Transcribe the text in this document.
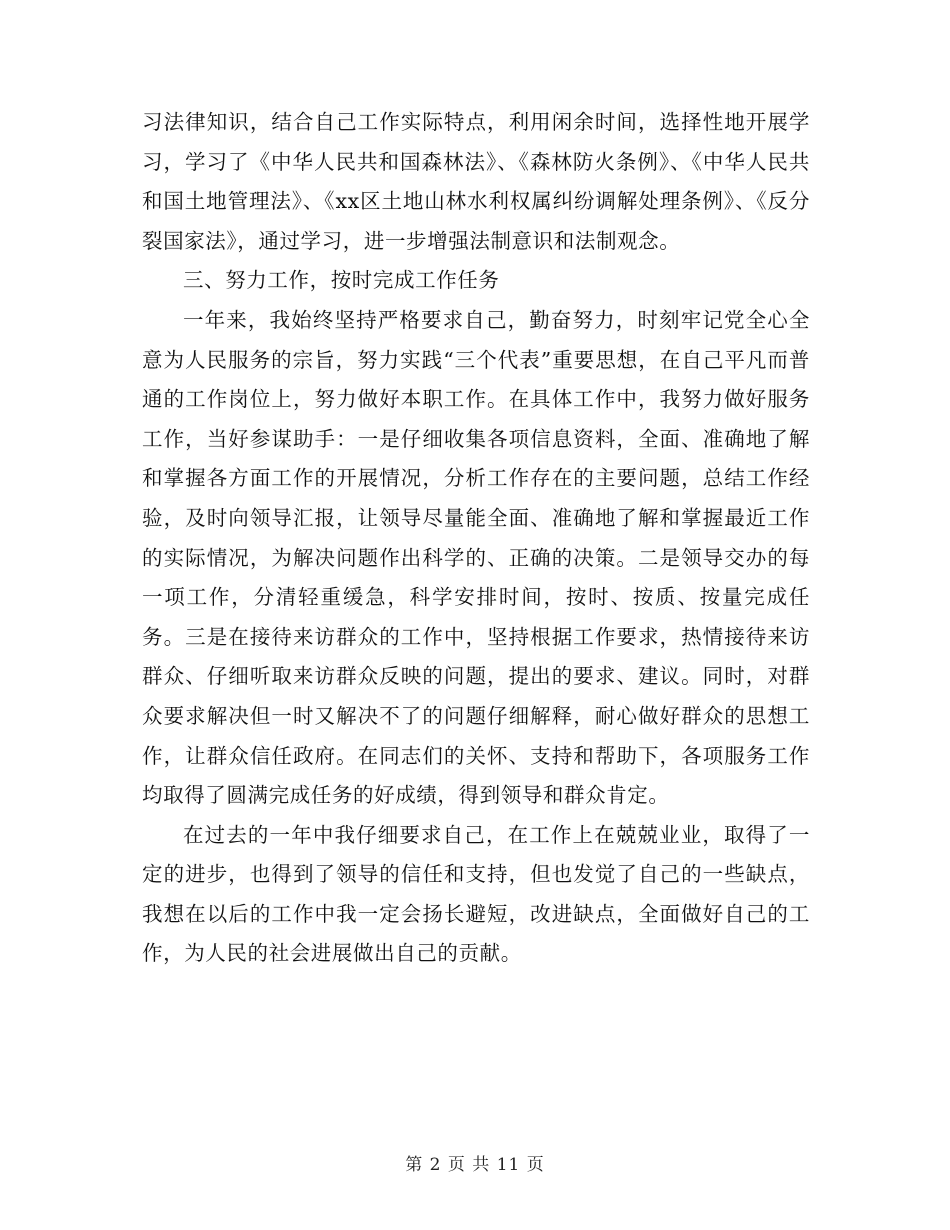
习法律知识，结合自己工作实际特点，利用闲余时间，选择性地开展学习，学习了《中华人民共和国森林法》、《森林防火条例》、《中华人民共和国土地管理法》、《xx区土地山林水利权属纠纷调解处理条例》、《反分裂国家法》，通过学习，进一步增强法制意识和法制观念。

三、努力工作，按时完成工作任务

一年来，我始终坚持严格要求自己，勤奋努力，时刻牢记党全心全意为人民服务的宗旨，努力实践“三个代表”重要思想，在自己平凡而普通的工作岗位上，努力做好本职工作。在具体工作中，我努力做好服务工作，当好参谋助手：一是仔细收集各项信息资料，全面、准确地了解和掌握各方面工作的开展情况，分析工作存在的主要问题，总结工作经验，及时向领导汇报，让领导尽量能全面、准确地了解和掌握最近工作的实际情况，为解决问题作出科学的、正确的决策。二是领导交办的每一项工作，分清轻重缓急，科学安排时间，按时、按质、按量完成任务。三是在接待来访群众的工作中，坚持根据工作要求，热情接待来访群众、仔细听取来访群众反映的问题，提出的要求、建议。同时，对群众要求解决但一时又解决不了的问题仔细解释，耐心做好群众的思想工作，让群众信任政府。在同志们的关怀、支持和帮助下，各项服务工作均取得了圆满完成任务的好成绩，得到领导和群众肯定。

在过去的一年中我仔细要求自己，在工作上在兢兢业业，取得了一定的进步，也得到了领导的信任和支持，但也发觉了自己的一些缺点，我想在以后的工作中我一定会扬长避短，改进缺点，全面做好自己的工作，为人民的社会进展做出自己的贡献。

第 2 页 共 11 页
